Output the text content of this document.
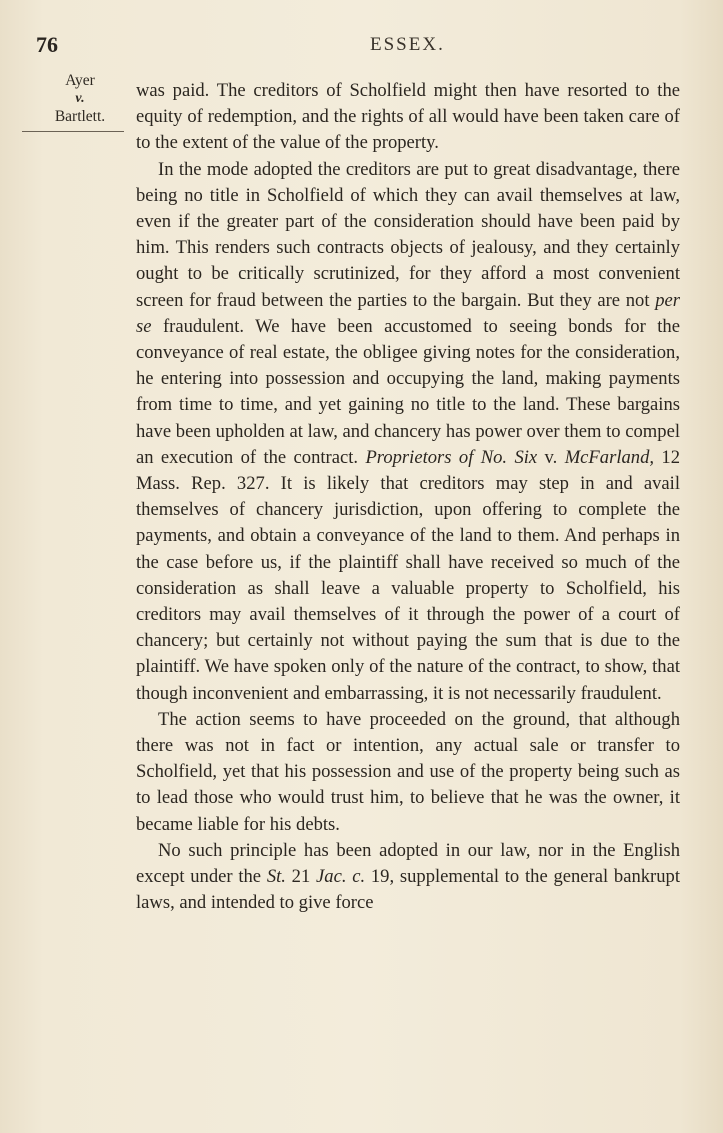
76	ESSEX.
Ayer
v.
Bartlett.

was paid. The creditors of Scholfield might then have resorted to the equity of redemption, and the rights of all would have been taken care of to the extent of the value of the property.

In the mode adopted the creditors are put to great disadvantage, there being no title in Scholfield of which they can avail themselves at law, even if the greater part of the consideration should have been paid by him. This renders such contracts objects of jealousy, and they certainly ought to be critically scrutinized, for they afford a most convenient screen for fraud between the parties to the bargain. But they are not per se fraudulent. We have been accustomed to seeing bonds for the conveyance of real estate, the obligee giving notes for the consideration, he entering into possession and occupying the land, making payments from time to time, and yet gaining no title to the land. These bargains have been upholden at law, and chancery has power over them to compel an execution of the contract. Proprietors of No. Six v. McFarland, 12 Mass. Rep. 327. It is likely that creditors may step in and avail themselves of chancery jurisdiction, upon offering to complete the payments, and obtain a conveyance of the land to them. And perhaps in the case before us, if the plaintiff shall have received so much of the consideration as shall leave a valuable property to Scholfield, his creditors may avail themselves of it through the power of a court of chancery; but certainly not without paying the sum that is due to the plaintiff. We have spoken only of the nature of the contract, to show, that though inconvenient and embarrassing, it is not necessarily fraudulent.

The action seems to have proceeded on the ground, that although there was not in fact or intention, any actual sale or transfer to Scholfield, yet that his possession and use of the property being such as to lead those who would trust him, to believe that he was the owner, it became liable for his debts.

No such principle has been adopted in our law, nor in the English except under the St. 21 Jac. c. 19, supplemental to the general bankrupt laws, and intended to give force
